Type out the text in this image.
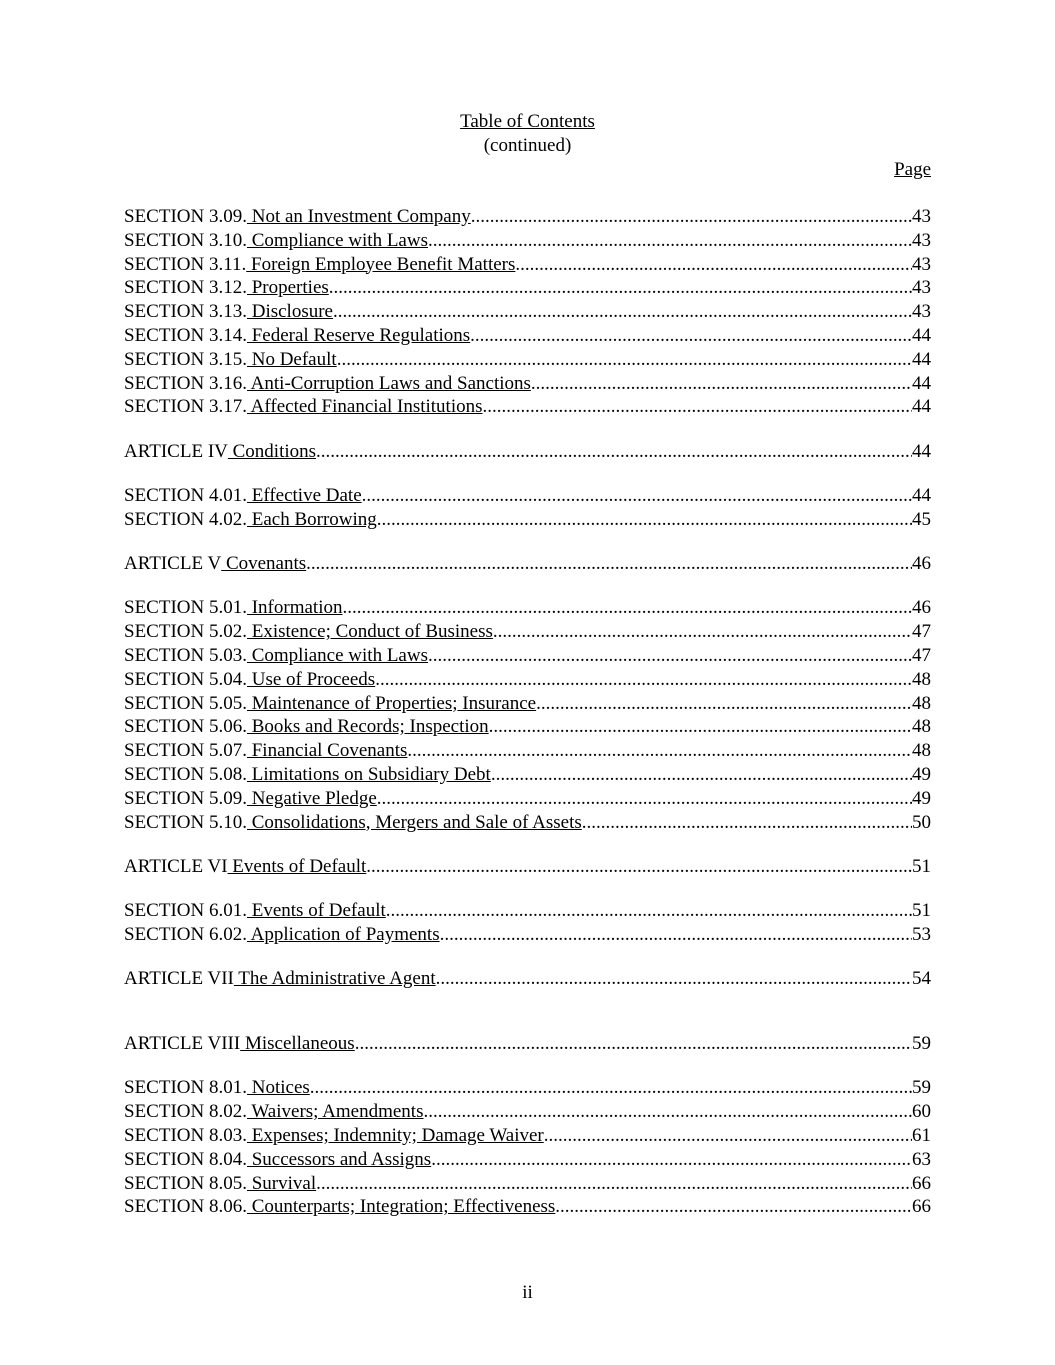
Table of Contents
(continued)
Page
SECTION 3.09. Not an Investment Company .....	43
SECTION 3.10. Compliance with Laws .....	43
SECTION 3.11. Foreign Employee Benefit Matters .....	43
SECTION 3.12. Properties .....	43
SECTION 3.13. Disclosure .....	43
SECTION 3.14. Federal Reserve Regulations .....	44
SECTION 3.15. No Default .....	44
SECTION 3.16. Anti-Corruption Laws and Sanctions .....	44
SECTION 3.17. Affected Financial Institutions .....	44
ARTICLE IV Conditions .....	44
SECTION 4.01. Effective Date .....	44
SECTION 4.02. Each Borrowing .....	45
ARTICLE V Covenants .....	46
SECTION 5.01. Information .....	46
SECTION 5.02. Existence; Conduct of Business .....	47
SECTION 5.03. Compliance with Laws .....	47
SECTION 5.04. Use of Proceeds .....	48
SECTION 5.05. Maintenance of Properties; Insurance .....	48
SECTION 5.06. Books and Records; Inspection .....	48
SECTION 5.07. Financial Covenants .....	48
SECTION 5.08. Limitations on Subsidiary Debt .....	49
SECTION 5.09. Negative Pledge .....	49
SECTION 5.10. Consolidations, Mergers and Sale of Assets .....	50
ARTICLE VI Events of Default .....	51
SECTION 6.01. Events of Default .....	51
SECTION 6.02. Application of Payments .....	53
ARTICLE VII The Administrative Agent .....	54
ARTICLE VIII Miscellaneous .....	59
SECTION 8.01. Notices .....	59
SECTION 8.02. Waivers; Amendments .....	60
SECTION 8.03. Expenses; Indemnity; Damage Waiver .....	61
SECTION 8.04. Successors and Assigns .....	63
SECTION 8.05. Survival .....	66
SECTION 8.06. Counterparts; Integration; Effectiveness .....	66
ii
